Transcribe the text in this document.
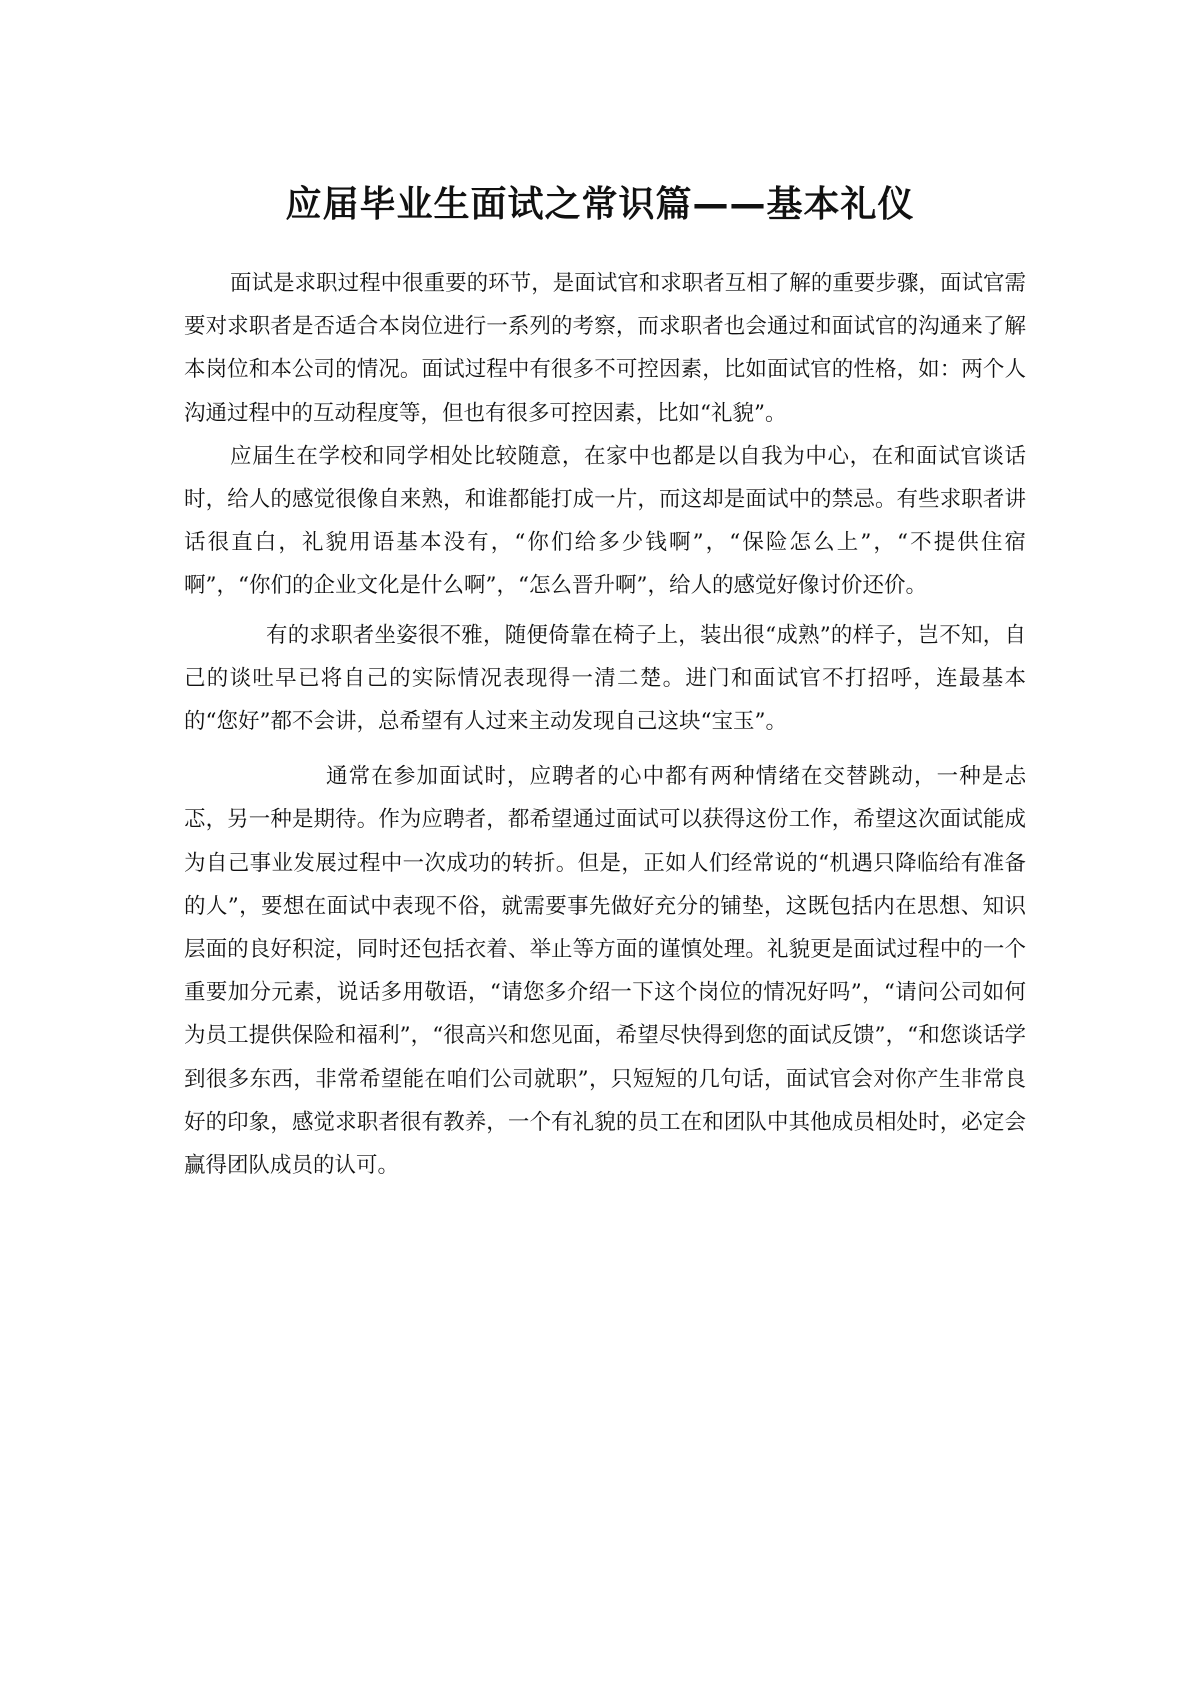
应届毕业生面试之常识篇——基本礼仪

面试是求职过程中很重要的环节，是面试官和求职者互相了解的重要步骤，面试官需要对求职者是否适合本岗位进行一系列的考察，而求职者也会通过和面试官的沟通来了解本岗位和本公司的情况。面试过程中有很多不可控因素，比如面试官的性格，如：两个人沟通过程中的互动程度等，但也有很多可控因素，比如“礼貌”。

应届生在学校和同学相处比较随意，在家中也都是以自我为中心，在和面试官谈话时，给人的感觉很像自来熟，和谁都能打成一片，而这却是面试中的禁忌。有些求职者讲话很直白，礼貌用语基本没有，“你们给多少钱啊”，“保险怎么上”，“不提供住宿啊”，“你们的企业文化是什么啊”，“怎么晋升啊”，给人的感觉好像讨价还价。

有的求职者坐姿很不雅，随便倚靠在椅子上，装出很“成熟”的样子，岂不知，自己的谈吐早已将自己的实际情况表现得一清二楚。进门和面试官不打招呼，连最基本的“您好”都不会讲，总希望有人过来主动发现自己这块“宝玉”。

通常在参加面试时，应聘者的心中都有两种情绪在交替跳动，一种是忐忑，另一种是期待。作为应聘者，都希望通过面试可以获得这份工作，希望这次面试能成为自己事业发展过程中一次成功的转折。但是，正如人们经常说的“机遇只降临给有准备的人”，要想在面试中表现不俗，就需要事先做好充分的铺垫，这既包括内在思想、知识层面的良好积淀，同时还包括衣着、举止等方面的谨慎处理。礼貌更是面试过程中的一个重要加分元素，说话多用敬语，“请您多介绍一下这个岗位的情况好吗”，“请问公司如何为员工提供保险和福利”，“很高兴和您见面，希望尽快得到您的面试反馈”，“和您谈话学到很多东西，非常希望能在咱们公司就职”，只短短的几句话，面试官会对你产生非常良好的印象，感觉求职者很有教养，一个有礼貌的员工在和团队中其他成员相处时，必定会赢得团队成员的认可。
